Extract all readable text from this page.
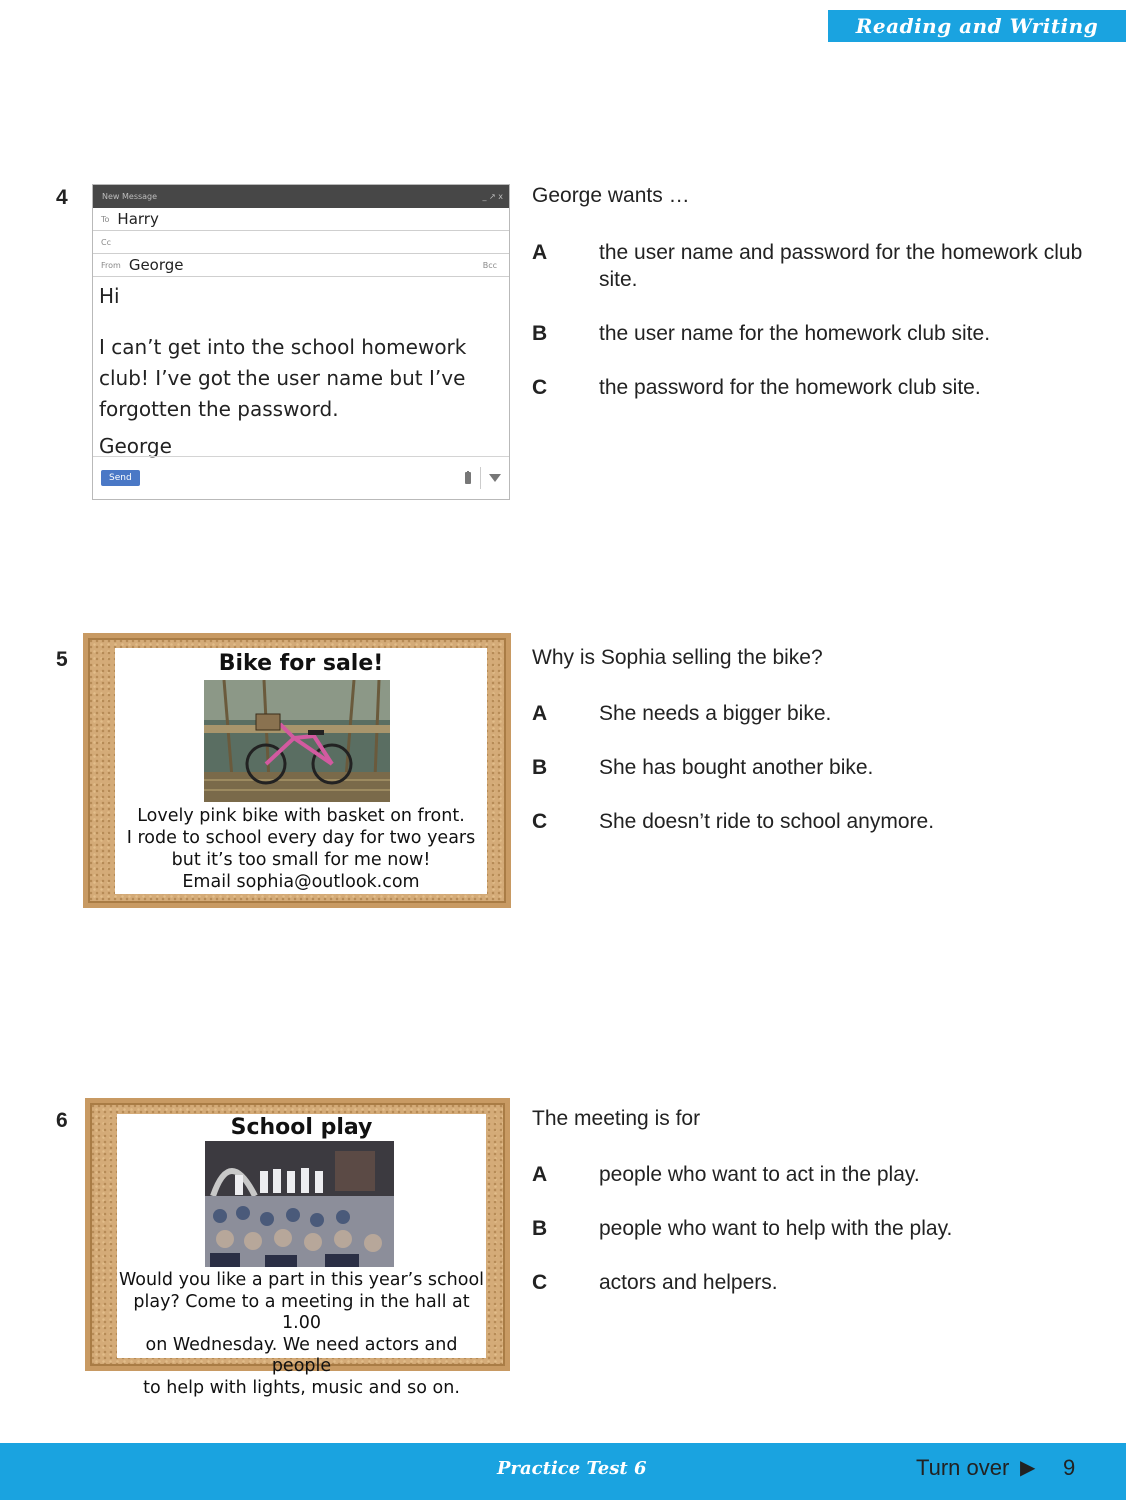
Reading and Writing
4	New Message	_ ↗ x
To Harry
Cc
From George	Bcc

Hi

I can’t get into the school homework club! I’ve got the user name but I’ve forgotten the password.

George

Send
George wants …
A	the user name and password for the homework club site.
B	the user name for the homework club site.
C	the password for the homework club site.
5	Bike for sale!
Lovely pink bike with basket on front.
I rode to school every day for two years
but it’s too small for me now!
Email sophia@outlook.com
Why is Sophia selling the bike?
A	She needs a bigger bike.
B	She has bought another bike.
C	She doesn’t ride to school anymore.
6	School play
Would you like a part in this year’s school
play? Come to a meeting in the hall at 1.00
on Wednesday. We need actors and people
to help with lights, music and so on.
The meeting is for
A	people who want to act in the play.
B	people who want to help with the play.
C	actors and helpers.
Practice Test 6	Turn over ▶ 9
